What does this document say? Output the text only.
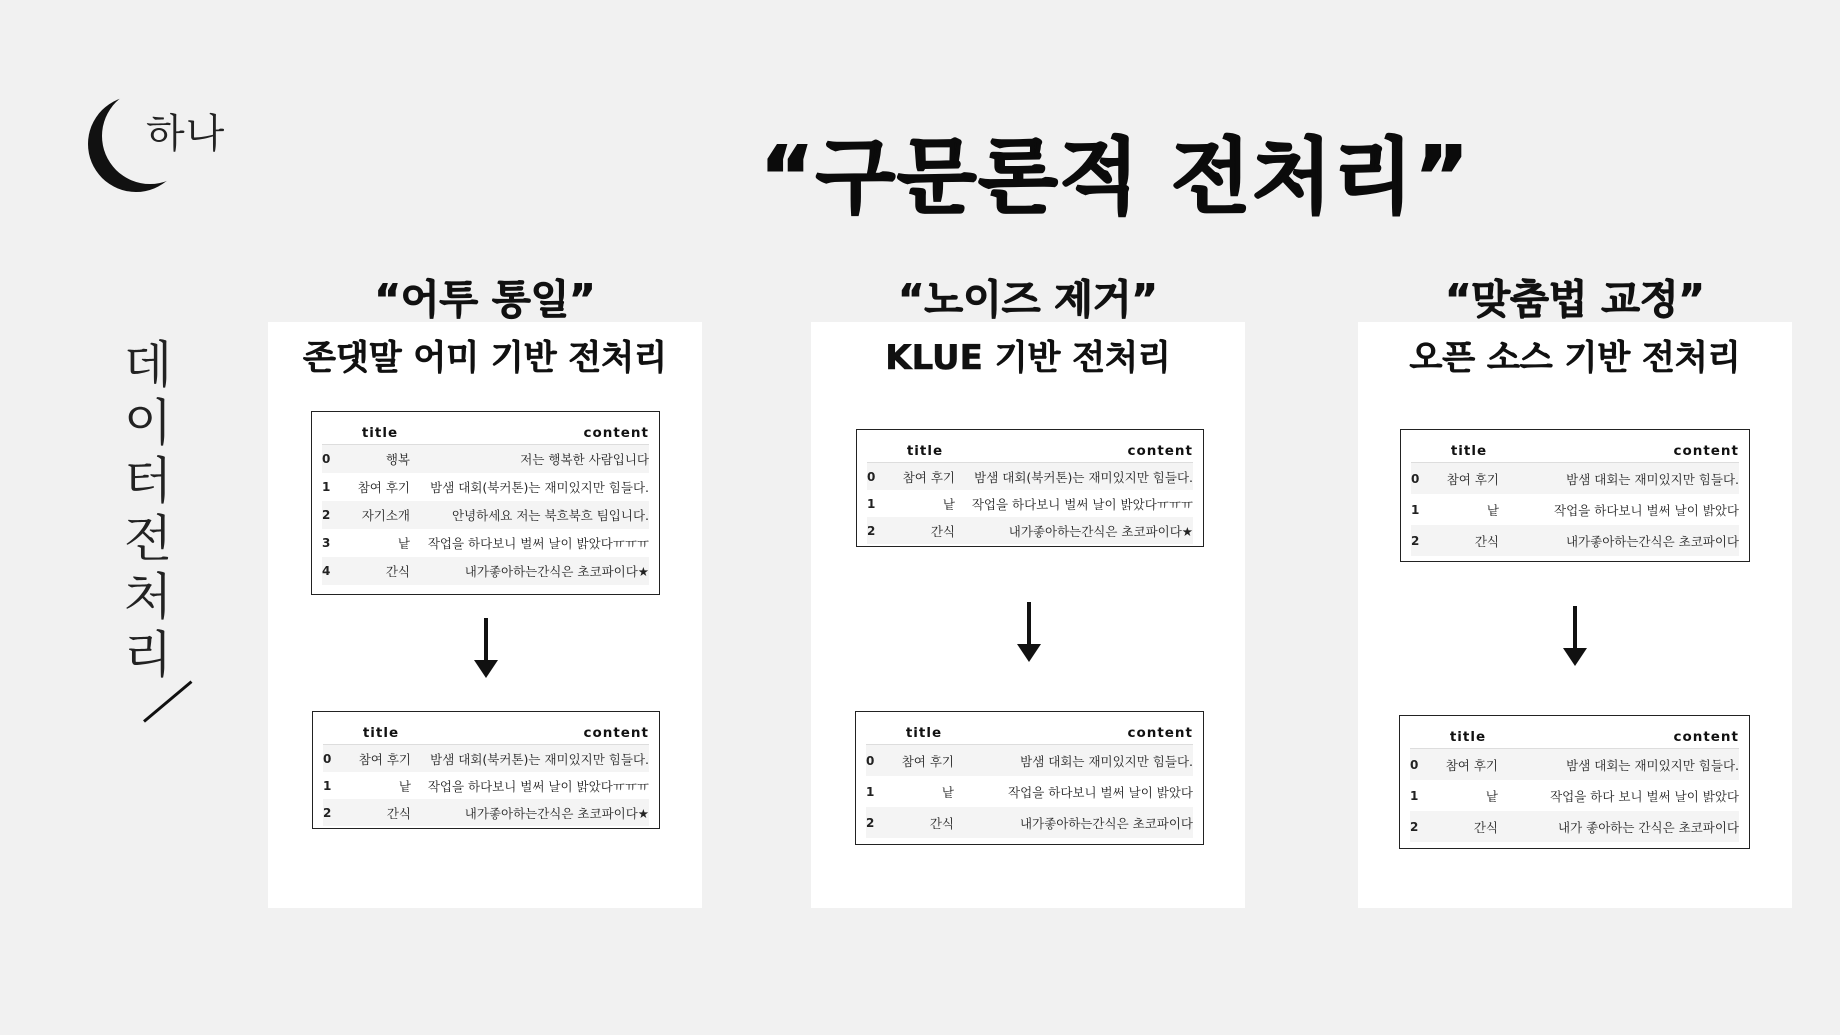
하나	“구문론적 전처리”
데
이
터
전
처
리
“어투 통일”	“노이즈 제거”	“맞춤법 교정”
존댓말 어미 기반 전처리	KLUE 기반 전처리	오픈 소스 기반 전처리
title	content
0	행복	저는 행복한 사람입니다
1	참여 후기	밤샘 대회(북커톤)는 재미있지만 힘들다.
2	자기소개	안녕하세요 저는 북흐북흐 팀입니다.
3	낱	작업을 하다보니 벌써 날이 밝았다ㅠㅠㅠ
4	간식	내가좋아하는간식은 초코파이다★
title	content
0	참여 후기	밤샘 대회(북커톤)는 재미있지만 힘들다.
1	낱	작업을 하다보니 벌써 날이 밝았다ㅠㅠㅠ
2	간식	내가좋아하는간식은 초코파이다★
title	content
0	참여 후기	밤샘 대회(북커톤)는 재미있지만 힘들다.
1	낱	작업을 하다보니 벌써 날이 밝았다ㅠㅠㅠ
2	간식	내가좋아하는간식은 초코파이다★
title	content
0	참여 후기	밤샘 대회는 재미있지만 힘들다.
1	낱	작업을 하다보니 벌써 날이 밝았다
2	간식	내가좋아하는간식은 초코파이다
title	content
0	참여 후기	밤샘 대회는 재미있지만 힘들다.
1	낱	작업을 하다보니 벌써 날이 밝았다
2	간식	내가좋아하는간식은 초코파이다
title	content
0	참여 후기	밤샘 대회는 재미있지만 힘들다.
1	낱	작업을 하다 보니 벌써 날이 밝았다
2	간식	내가 좋아하는 간식은 초코파이다
